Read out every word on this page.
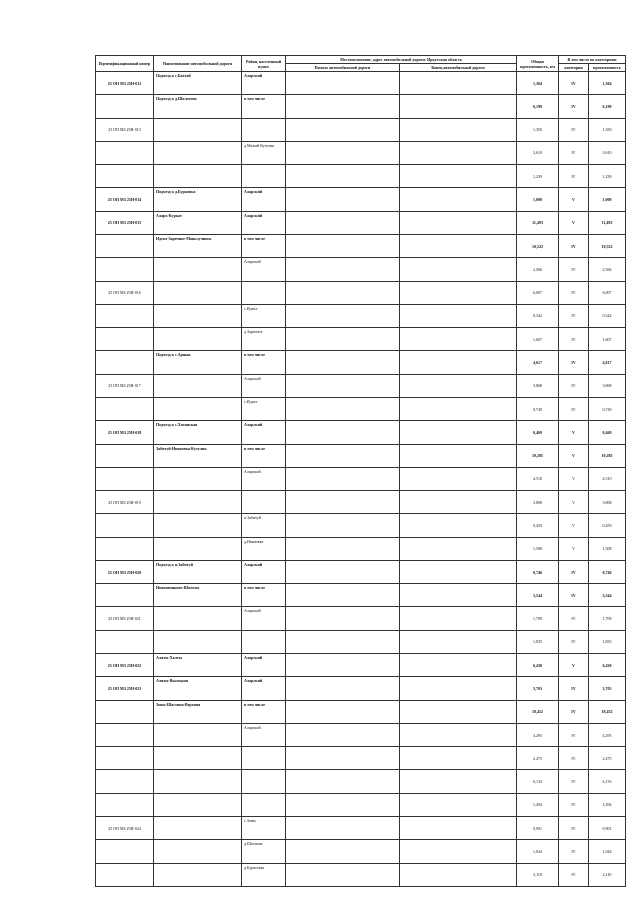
Идентификационный номер	Наименование автомобильной дороги	Район, населенный пункт	Местоположение, адрес автомобильной дороги: Иркутская область		Общая протяженность, км	В том числе по категориям	
			Начало автомобильной дороги	Конец автомобильной дороги		категория	протяженность
25 ОП МЗ 25Н-012	Подъезд к с.Бахтай	Аларский			1,304	IV	1,304
	Подъезд к д.Шалотово	в том числе			6,199	IV	6,199
25 ОП МЗ 25Н-013					1,350	IV	1,350
		д.Малый Кутулик			3,610	IV	3,610
					1,239	IV	1,239
25 ОП МЗ 25Н-014	Подъезд к д.Бурковка	Аларский			1,000	V	1,000
25 ОП МЗ 25Н-015	Аларь-Куркат	Аларский			11,493	V	11,493
	Идеал-Заречное-Маньлучинск	в том числе			10,522	IV	10,522
		Аларский			2,566	IV	2,566
25 ОП МЗ 25Н-016					6,007	IV	6,007
		с.Идеал			0,342	IV	0,342
		д.Заречное			1,607	IV	1,607
	Подъезд к с.Аршан	в том числе			4,617	IV	4,617
25 ОП МЗ 25Н-017		Аларский			3,868	IV	3,868
		с.Идеал			0,749	IV	0,749
25 ОП МЗ 25Н-018	Подъезд к с.Хагинская	Аларский			0,469	V	0,469
	Забитуй-Ивановка-Кутулик	в том числе			10,285	V	10,285
		Аларский			4,510	V	4,510
25 ОП МЗ 25Н-019					3,808	V	3,808
		п.Забитуй			0,459	V	0,459
		д.Ивановка			1,508	V	1,508
25 ОП МЗ 25Н-020	Подъезд к п.Забитуй	Аларский			0,746	IV	0,746
	Ивановчиково-Шалоты	в том числе			3,544	IV	3,544
25 ОП МЗ 25Н-021		Аларский			1,709	IV	1,709
					1,835	IV	1,835
25 ОП МЗ 25Н-022	Аляты-Халты	Аларский			6,430	V	6,430
25 ОП МЗ 25Н-023	Аляты-Высоцкая	Аларский			3,703	IV	3,703
	Зоны-Шастина-Верхняя	в том числе			18,452	IV	18,452
		Аларский			4,295	IV	4,295
					2,475	IV	2,475
					6,133	IV	6,133
					1,494	IV	1,494
25 ОП МЗ 25Н-024		с.Зоны			0,901	IV	0,901
		д.Шастина			1,044	IV	1,044
		д.Бурятская			2,110	IV	2,110
